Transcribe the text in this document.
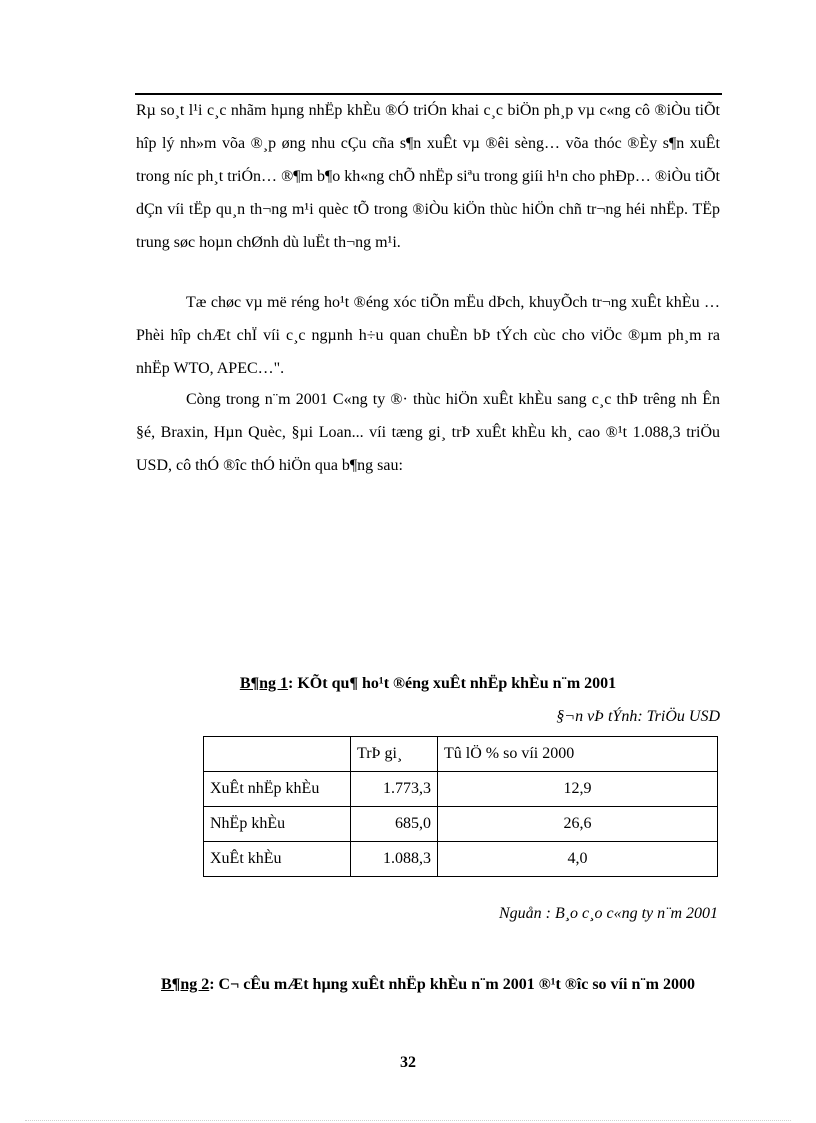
Rµ so¸t l¹i c¸c nhãm hµng nhËp khÈu ®Ó triÓn khai c¸c biÖn ph¸p vµ c«ng cô ®iÒu tiÕt hîp lý nh»m võa ®¸p øng nhu cÇu cña s¶n xuÊt vµ ®êi sèng… võa thóc ®Èy s¶n xuÊt trong níc ph¸t triÓn… ®¶m b¶o kh«ng chÕ nhËp siªu trong giíi h¹n cho phÐp… ®iÒu tiÕt dÇn víi tËp qu¸n th¬ng m¹i quèc tÕ trong ®iÒu kiÖn thùc hiÖn chñ tr¬ng héi nhËp. TËp trung søc hoµn chØnh dù luËt th¬ng m¹i.

Tæ chøc vµ më réng ho¹t ®éng xóc tiÕn mËu dÞch, khuyÕch tr¬ng xuÊt khÈu … Phèi hîp chÆt chÏ víi c¸c ngµnh h÷u quan chuÈn bÞ tÝch cùc cho viÖc ®µm ph¸m ra nhËp WTO, APEC…".

Còng trong n¨m 2001 C«ng ty ®· thùc hiÖn xuÊt khÈu sang c¸c thÞ trêng nh Ên §é, Braxin, Hµn Quèc, §µi Loan... víi tæng gi¸ trÞ xuÊt khÈu kh¸ cao ®¹t 1.088,3 triÖu USD, cô thÓ ®îc thÓ hiÖn qua b¶ng sau:

B¶ng 1: KÕt qu¶ ho¹t ®éng xuÊt nhËp khÈu n¨m 2001

§¬n vÞ tÝnh: TriÖu USD
	TrÞ gi¸	Tû lÖ % so víi 2000
XuÊt nhËp khÈu	1.773,3	12,9
NhËp khÈu	685,0	26,6
XuÊt khÈu	1.088,3	4,0
Nguån : B¸o c¸o c«ng ty n¨m 2001

B¶ng 2: C¬ cÊu mÆt hµng xuÊt nhËp khÈu n¨m 2001 ®¹t ®îc so víi n¨m 2000

32
